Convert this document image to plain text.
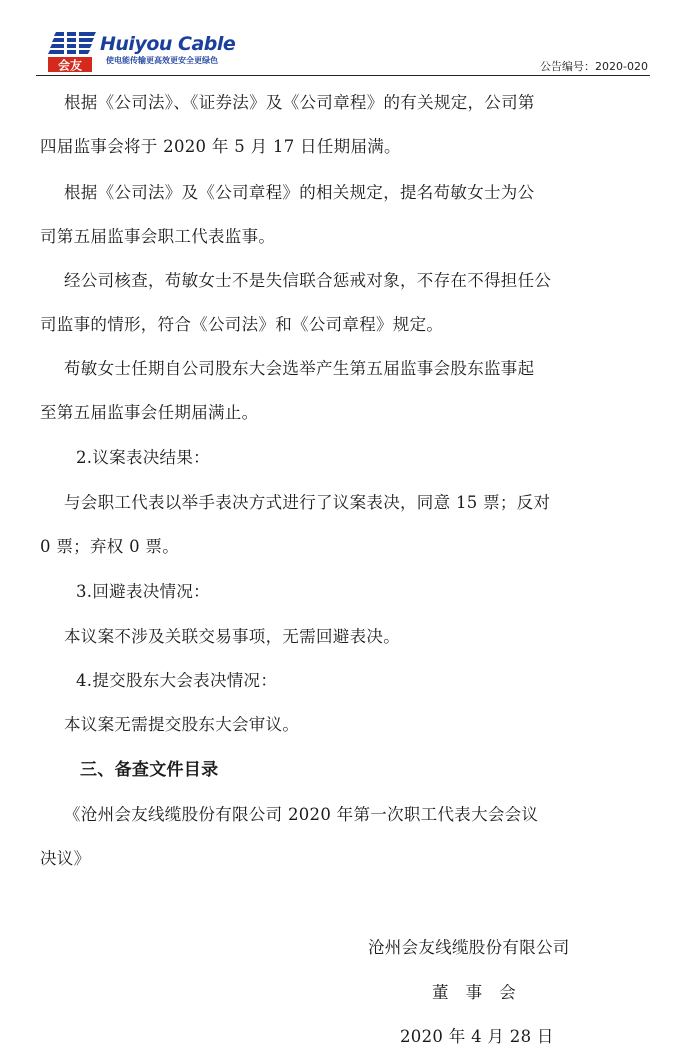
会友
Huiyou Cable
使电能传输更高效更安全更绿色	公告编号：2020-020
根据《公司法》、《证券法》及《公司章程》的有关规定，公司第
四届监事会将于 2020 年 5 月 17 日任期届满。
根据《公司法》及《公司章程》的相关规定，提名苟敏女士为公
司第五届监事会职工代表监事。
经公司核查，苟敏女士不是失信联合惩戒对象，不存在不得担任公
司监事的情形，符合《公司法》和《公司章程》规定。
苟敏女士任期自公司股东大会选举产生第五届监事会股东监事起
至第五届监事会任期届满止。
2.议案表决结果：
与会职工代表以举手表决方式进行了议案表决，同意 15 票；反对
0 票；弃权 0 票。
3.回避表决情况：
本议案不涉及关联交易事项，无需回避表决。
4.提交股东大会表决情况：
本议案无需提交股东大会审议。
三、备查文件目录
《沧州会友线缆股份有限公司 2020 年第一次职工代表大会会议
决议》
沧州会友线缆股份有限公司
董　事　会
2020 年 4 月 28 日
